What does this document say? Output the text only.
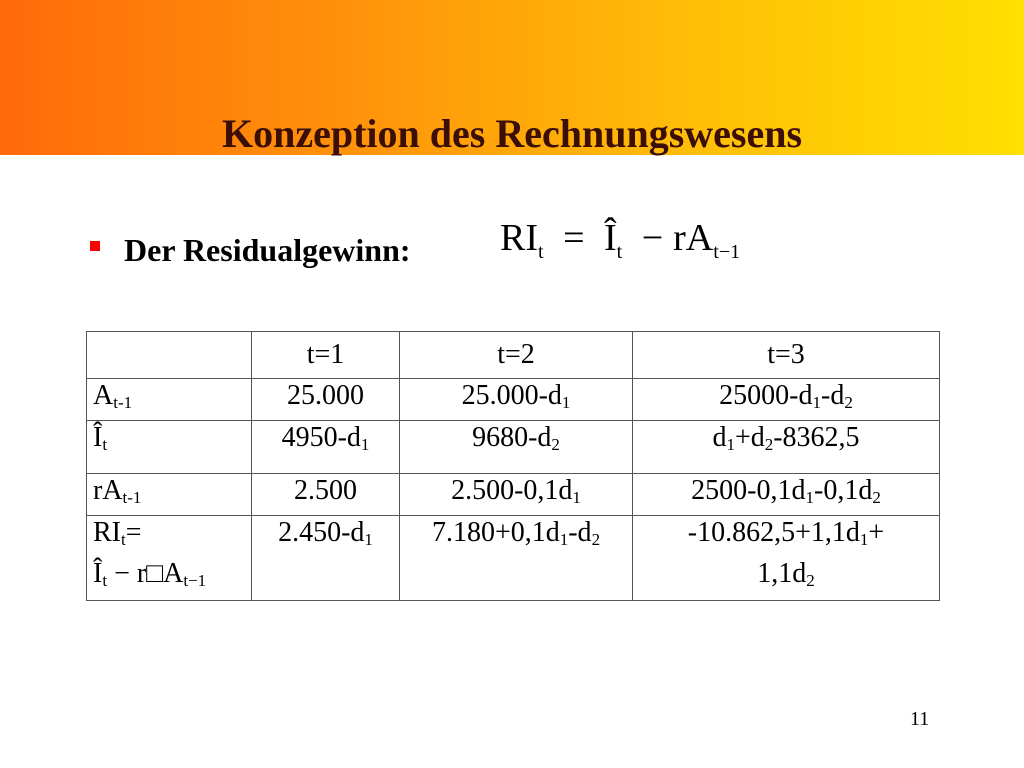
Konzeption des Rechnungswesens
Der Residualgewinn: $RI_t$ = $Î_t - rA_{t-1}$
	t=1	t=2	t=3
$A_{t-1}$	25.000	$25.000-d_1$	$25000-d_1-d_2$
$Î_t$	$4950-d_1$	$9680-d_2$	$d_1+d_2-8362,5$
$rA_{t-1}$	2.500	$2.500-0,1d_1$	$2500-0,1d_1-0,1d_2$

$RI_t=$
$Î_t$ − $r□A_{t-1}$	$2.450-d_1$	$7.180+0,1d_1-d_2$	$-10.862,5+1,1d_1+$
$1,1d_2$
11
